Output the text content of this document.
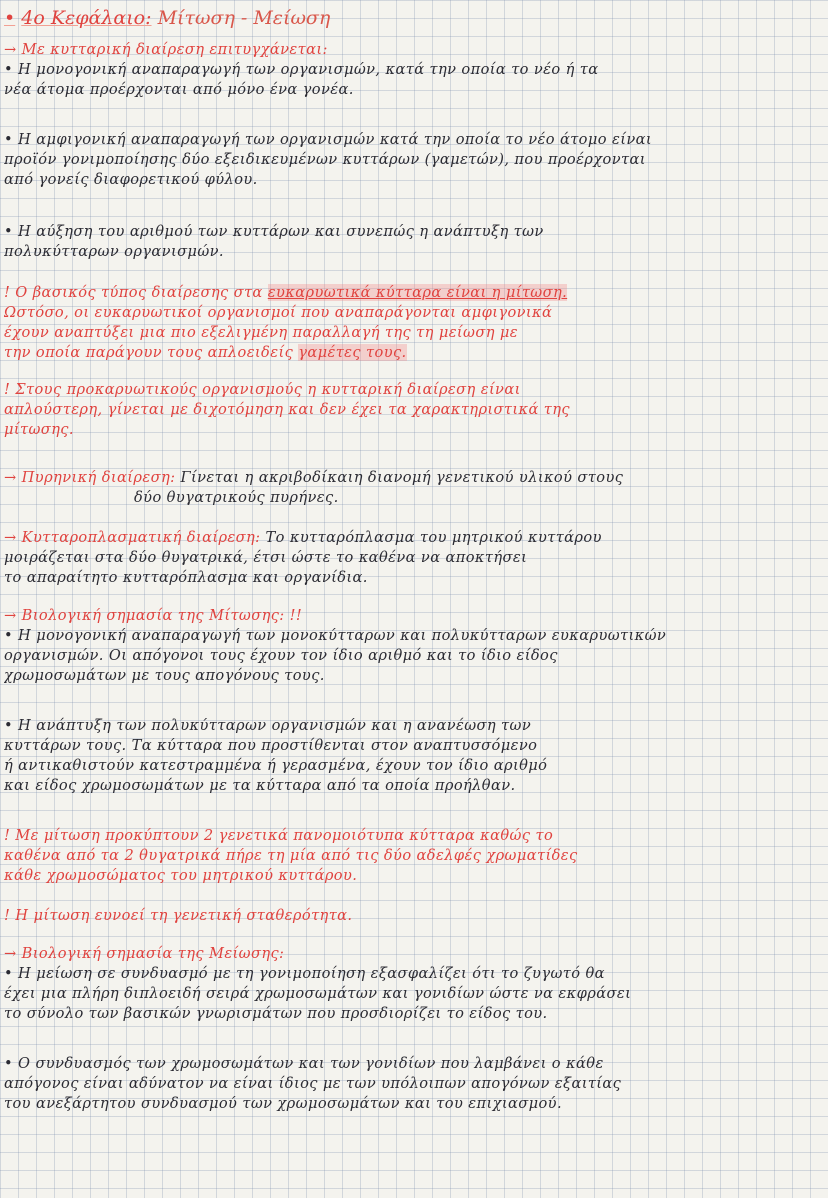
• 4ο Κεφάλαιο: Μίτωση - Μείωση
→ Με κυτταρική διαίρεση επιτυγχάνεται:
• Η μονογονική αναπαραγωγή των οργανισμών, κατά την οποία το νέο ή τα
νέα άτομα προέρχονται από μόνο ένα γονέα.
• Η αμφιγονική αναπαραγωγή των οργανισμών κατά την οποία το νέο άτομο είναι
προϊόν γονιμοποίησης δύο εξειδικευμένων κυττάρων (γαμετών), που προέρχονται
από γονείς διαφορετικού φύλου.
• Η αύξηση του αριθμού των κυττάρων και συνεπώς η ανάπτυξη των
πολυκύτταρων οργανισμών.
! Ο βασικός τύπος διαίρεσης στα ευκαρυωτικά κύτταρα είναι η μίτωση.
Ωστόσο, οι ευκαρυωτικοί οργανισμοί που αναπαράγονται αμφιγονικά
έχουν αναπτύξει μια πιο εξελιγμένη παραλλαγή της τη μείωση με
την οποία παράγουν τους απλοειδείς γαμέτες τους.
! Στους προκαρυωτικούς οργανισμούς η κυτταρική διαίρεση είναι
απλούστερη, γίνεται με διχοτόμηση και δεν έχει τα χαρακτηριστικά της
μίτωσης.
→ Πυρηνική διαίρεση: Γίνεται η ακριβοδίκαιη διανομή γενετικού υλικού στους
δύο θυγατρικούς πυρήνες.
→ Κυτταροπλασματική διαίρεση: Το κυτταρόπλασμα του μητρικού κυττάρου
μοιράζεται στα δύο θυγατρικά, έτσι ώστε το καθένα να αποκτήσει
το απαραίτητο κυτταρόπλασμα και οργανίδια.
→ Βιολογική σημασία της Μίτωσης: !!
• Η μονογονική αναπαραγωγή των μονοκύτταρων και πολυκύτταρων ευκαρυωτικών
οργανισμών. Οι απόγονοι τους έχουν τον ίδιο αριθμό και το ίδιο είδος
χρωμοσωμάτων με τους απογόνους τους.
• Η ανάπτυξη των πολυκύτταρων οργανισμών και η ανανέωση των
κυττάρων τους. Τα κύτταρα που προστίθενται στον αναπτυσσόμενο
ή αντικαθιστούν κατεστραμμένα ή γερασμένα, έχουν τον ίδιο αριθμό
και είδος χρωμοσωμάτων με τα κύτταρα από τα οποία προήλθαν.
! Με μίτωση προκύπτουν 2 γενετικά πανομοιότυπα κύτταρα καθώς το
καθένα από τα 2 θυγατρικά πήρε τη μία από τις δύο αδελφές χρωματίδες
κάθε χρωμοσώματος του μητρικού κυττάρου.
! Η μίτωση ευνοεί τη γενετική σταθερότητα.
→ Βιολογική σημασία της Μείωσης:
• Η μείωση σε συνδυασμό με τη γονιμοποίηση εξασφαλίζει ότι το ζυγωτό θα
έχει μια πλήρη διπλοειδή σειρά χρωμοσωμάτων και γονιδίων ώστε να εκφράσει
το σύνολο των βασικών γνωρισμάτων που προσδιορίζει το είδος του.
• Ο συνδυασμός των χρωμοσωμάτων και των γονιδίων που λαμβάνει ο κάθε
απόγονος είναι αδύνατον να είναι ίδιος με των υπόλοιπων απογόνων εξαιτίας
του ανεξάρτητου συνδυασμού των χρωμοσωμάτων και του επιχιασμού.
